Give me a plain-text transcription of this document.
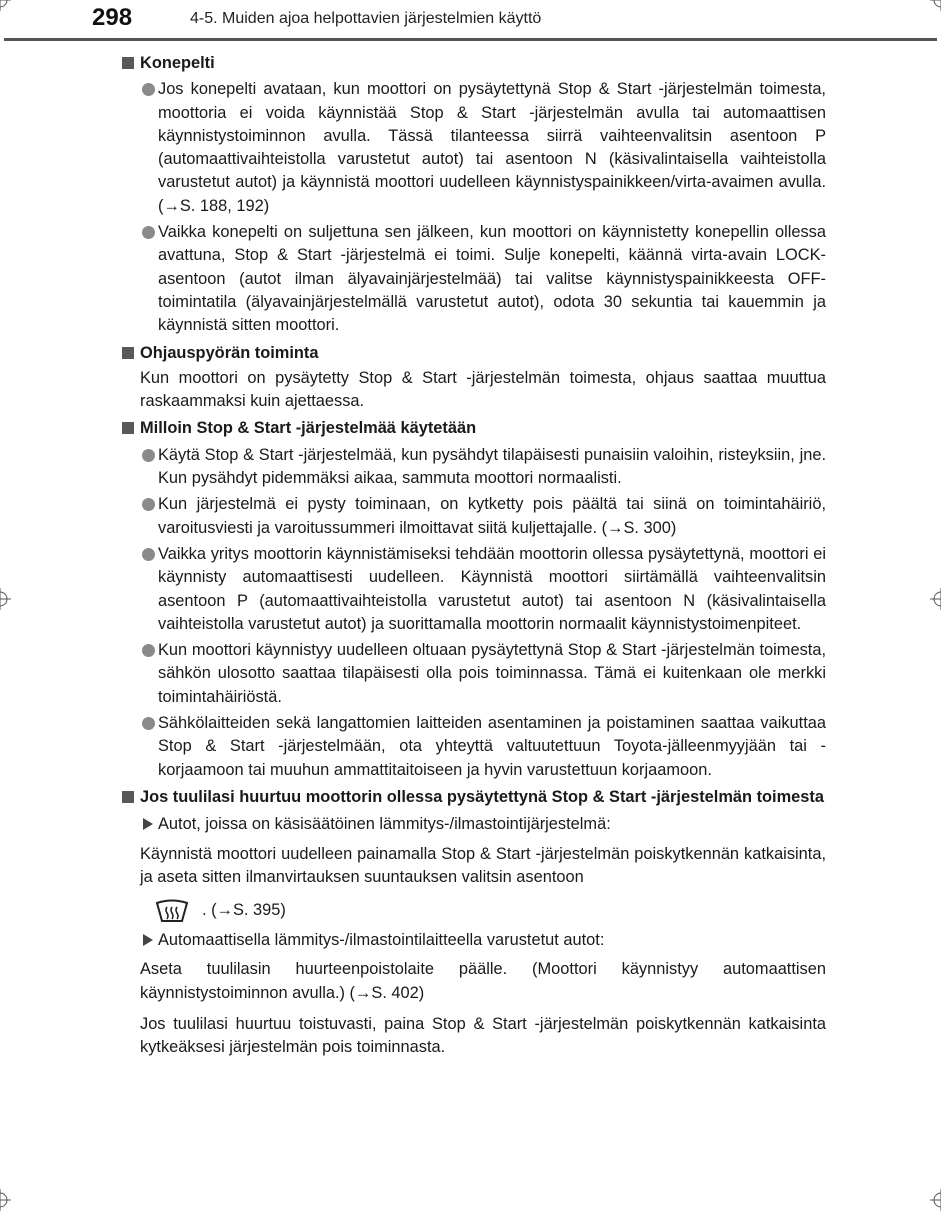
298	4-5. Muiden ajoa helpottavien järjestelmien käyttö

Konepelti

Jos konepelti avataan, kun moottori on pysäytettynä Stop & Start -järjestelmän toimesta, moottoria ei voida käynnistää Stop & Start -järjestelmän avulla tai automaattisen käynnistystoiminnon avulla. Tässä tilanteessa siirrä vaihteenvalitsin asentoon P (automaattivaihteistolla varustetut autot) tai asentoon N (käsivalintaisella vaihteistolla varustetut autot) ja käynnistä moottori uudelleen käynnistyspainikkeen/virta-avaimen avulla. (→S. 188, 192)

Vaikka konepelti on suljettuna sen jälkeen, kun moottori on käynnistetty konepellin ollessa avattuna, Stop & Start -järjestelmä ei toimi. Sulje konepelti, käännä virta-avain LOCK-asentoon (autot ilman älyavainjärjestelmää) tai valitse käynnistyspainikkeesta OFF-toimintatila (älyavainjärjestelmällä varustetut autot), odota 30 sekuntia tai kauemmin ja käynnistä sitten moottori.

Ohjauspyörän toiminta

Kun moottori on pysäytetty Stop & Start -järjestelmän toimesta, ohjaus saattaa muuttua raskaammaksi kuin ajettaessa.

Milloin Stop & Start -järjestelmää käytetään

Käytä Stop & Start -järjestelmää, kun pysähdyt tilapäisesti punaisiin valoihin, risteyksiin, jne. Kun pysähdyt pidemmäksi aikaa, sammuta moottori normaalisti.

Kun järjestelmä ei pysty toiminaan, on kytketty pois päältä tai siinä on toimintahäiriö, varoitusviesti ja varoitussummeri ilmoittavat siitä kuljettajalle. (→S. 300)

Vaikka yritys moottorin käynnistämiseksi tehdään moottorin ollessa pysäytettynä, moottori ei käynnisty automaattisesti uudelleen. Käynnistä moottori siirtämällä vaihteenvalitsin asentoon P (automaattivaihteistolla varustetut autot) tai asentoon N (käsivalintaisella vaihteistolla varustetut autot) ja suorittamalla moottorin normaalit käynnistystoimenpiteet.

Kun moottori käynnistyy uudelleen oltuaan pysäytettynä Stop & Start -järjestelmän toimesta, sähkön ulosotto saattaa tilapäisesti olla pois toiminnassa. Tämä ei kuitenkaan ole merkki toimintahäiriöstä.

Sähkölaitteiden sekä langattomien laitteiden asentaminen ja poistaminen saattaa vaikuttaa Stop & Start -järjestelmään, ota yhteyttä valtuutettuun Toyota-jälleenmyyjään tai -korjaamoon tai muuhun ammattitaitoiseen ja hyvin varustettuun korjaamoon.

Jos tuulilasi huurtuu moottorin ollessa pysäytettynä Stop & Start -järjestelmän toimesta

Autot, joissa on käsisäätöinen lämmitys-/ilmastointijärjestelmä:

Käynnistä moottori uudelleen painamalla Stop & Start -järjestelmän poiskytkennän katkaisinta, ja aseta sitten ilmanvirtauksen suuntauksen valitsin asentoon

. (→S. 395)

Automaattisella lämmitys-/ilmastointilaitteella varustetut autot:

Aseta tuulilasin huurteenpoistolaite päälle. (Moottori käynnistyy automaattisen käynnistystoiminnon avulla.) (→S. 402)

Jos tuulilasi huurtuu toistuvasti, paina Stop & Start -järjestelmän poiskytkennän katkaisinta kytkeäksesi järjestelmän pois toiminnasta.
